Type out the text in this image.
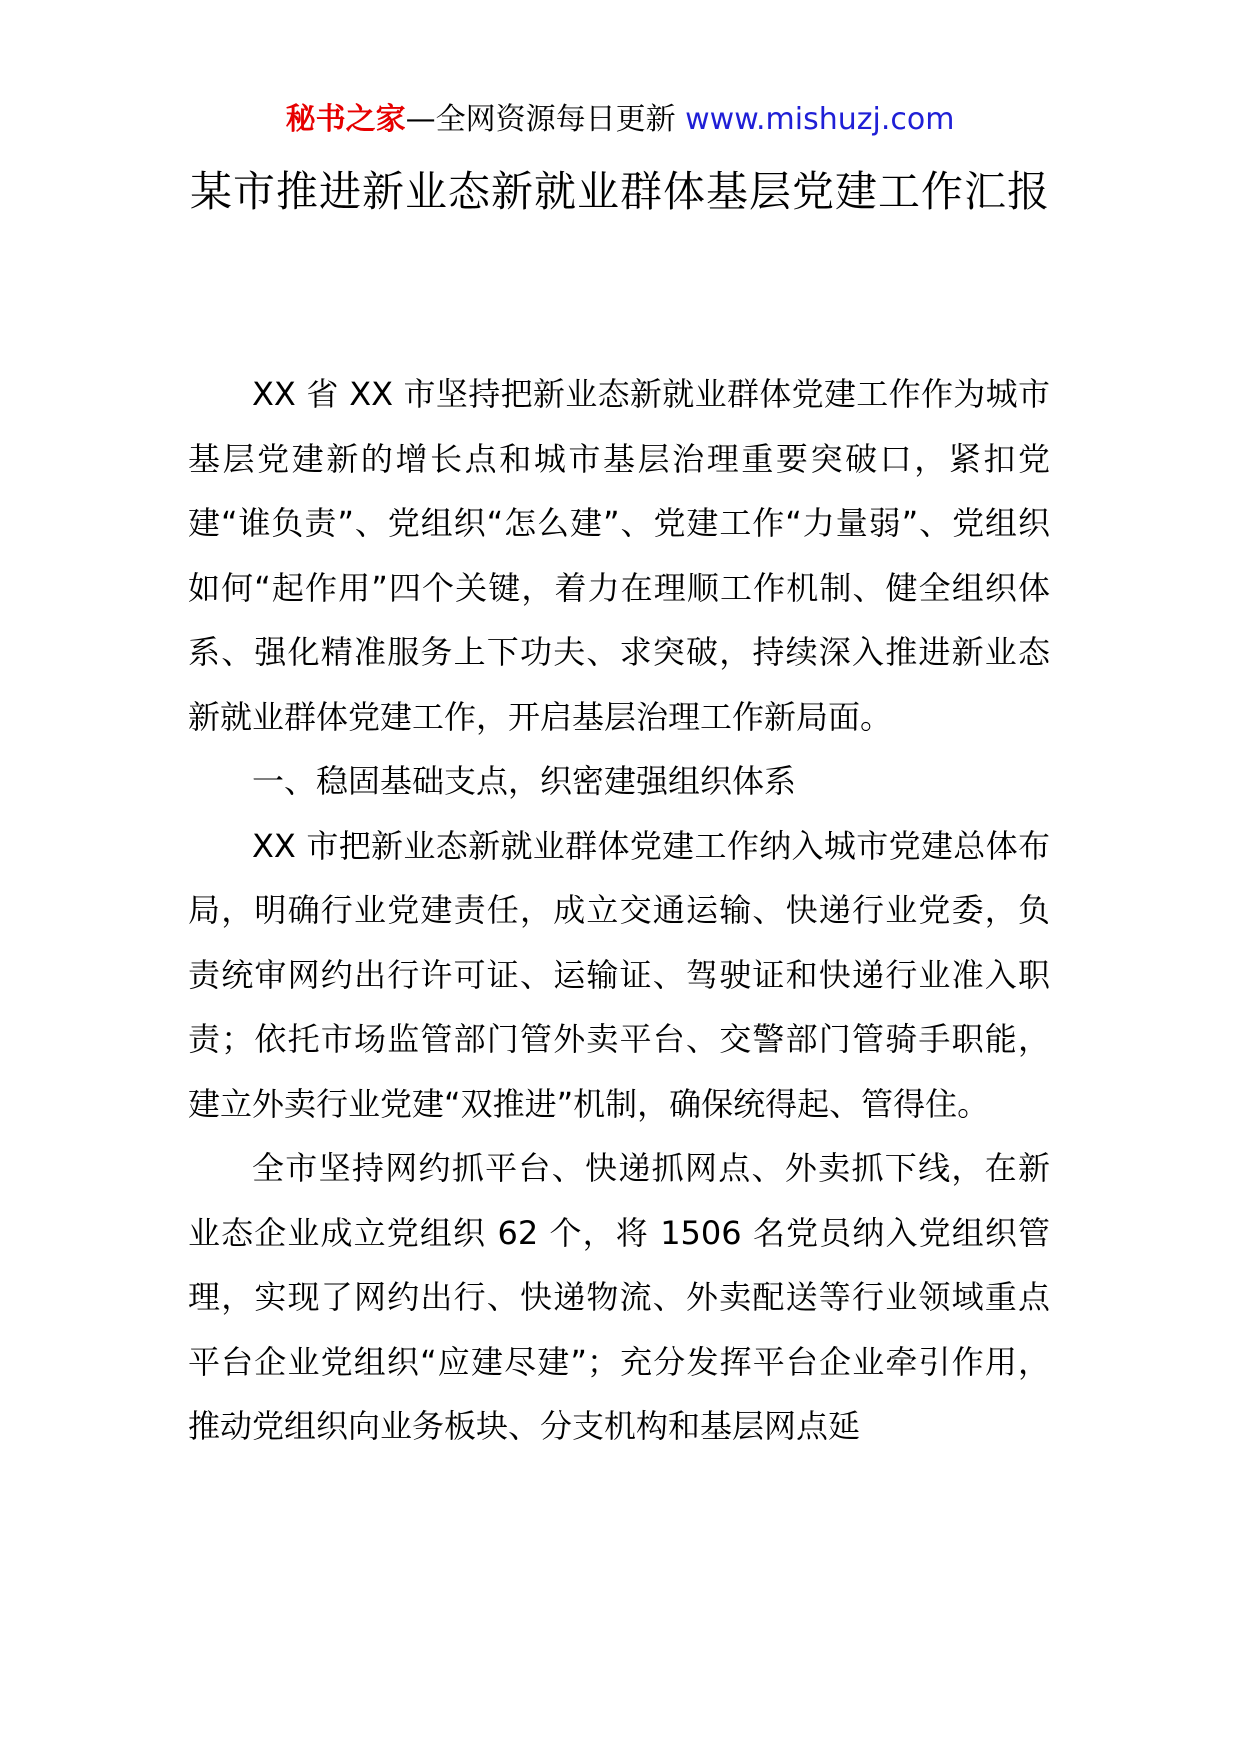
秘书之家—全网资源每日更新 www.mishuzj.com
某市推进新业态新就业群体基层党建工作汇报

XX 省 XX 市坚持把新业态新就业群体党建工作作为城市基层党建新的增长点和城市基层治理重要突破口，紧扣党建“谁负责”、党组织“怎么建”、党建工作“力量弱”、党组织如何“起作用”四个关键，着力在理顺工作机制、健全组织体系、强化精准服务上下功夫、求突破，持续深入推进新业态新就业群体党建工作，开启基层治理工作新局面。

一、稳固基础支点，织密建强组织体系

XX 市把新业态新就业群体党建工作纳入城市党建总体布局，明确行业党建责任，成立交通运输、快递行业党委，负责统审网约出行许可证、运输证、驾驶证和快递行业准入职责；依托市场监管部门管外卖平台、交警部门管骑手职能，建立外卖行业党建“双推进”机制，确保统得起、管得住。

全市坚持网约抓平台、快递抓网点、外卖抓下线，在新业态企业成立党组织 62 个，将 1506 名党员纳入党组织管理，实现了网约出行、快递物流、外卖配送等行业领域重点平台企业党组织“应建尽建”；充分发挥平台企业牵引作用，推动党组织向业务板块、分支机构和基层网点延
